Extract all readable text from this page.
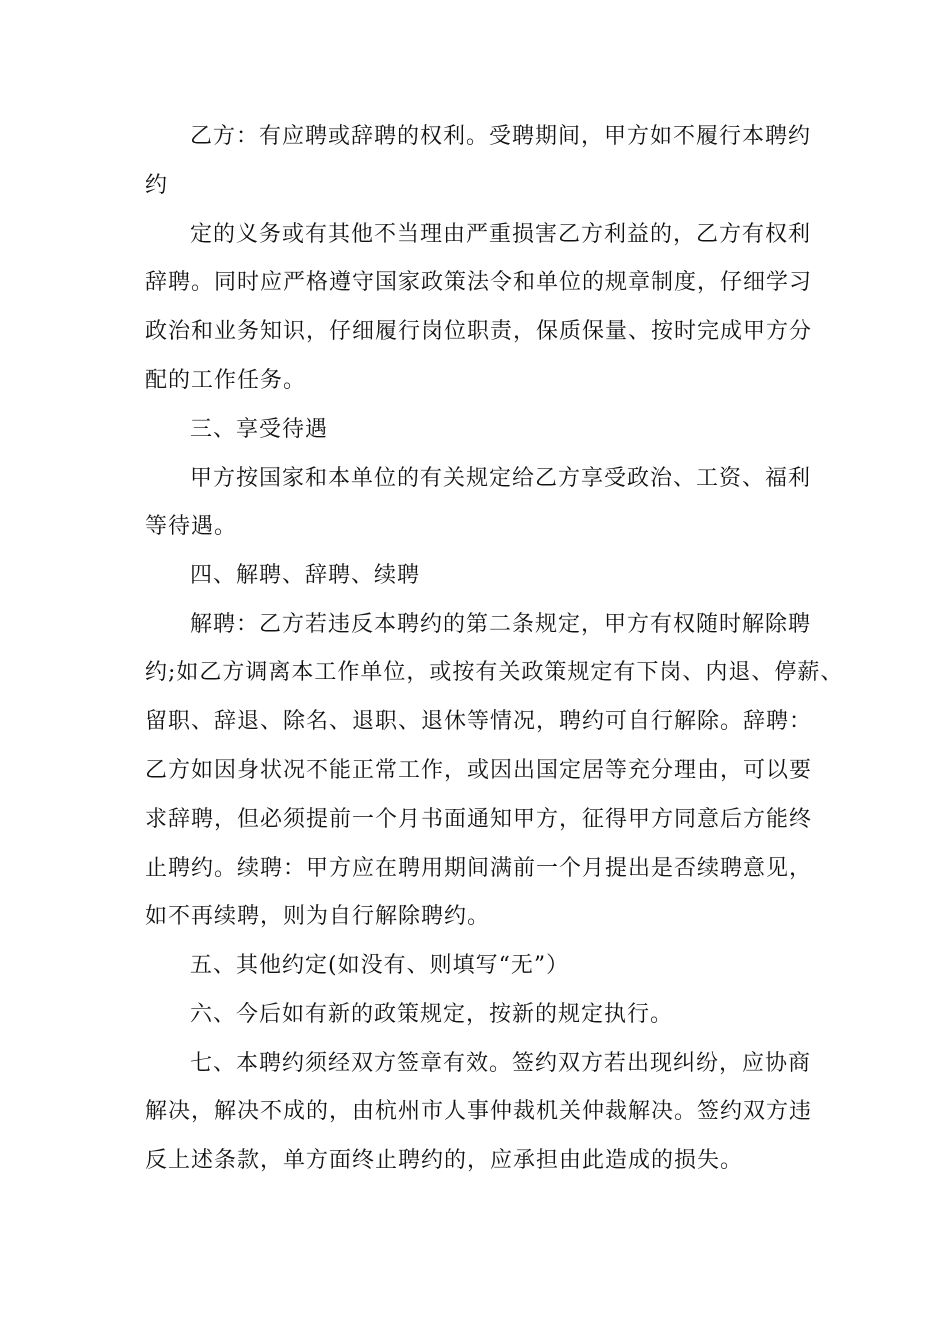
乙方：有应聘或辞聘的权利。受聘期间，甲方如不履行本聘约
约
定的义务或有其他不当理由严重损害乙方利益的，乙方有权利
辞聘。同时应严格遵守国家政策法令和单位的规章制度，仔细学习
政治和业务知识，仔细履行岗位职责，保质保量、按时完成甲方分
配的工作任务。
三、享受待遇
甲方按国家和本单位的有关规定给乙方享受政治、工资、福利
等待遇。
四、解聘、辞聘、续聘
解聘：乙方若违反本聘约的第二条规定，甲方有权随时解除聘
约;如乙方调离本工作单位，或按有关政策规定有下岗、内退、停薪、
留职、辞退、除名、退职、退休等情况，聘约可自行解除。辞聘：
乙方如因身状况不能正常工作，或因出国定居等充分理由，可以要
求辞聘，但必须提前一个月书面通知甲方，征得甲方同意后方能终
止聘约。续聘：甲方应在聘用期间满前一个月提出是否续聘意见，
如不再续聘，则为自行解除聘约。
五、其他约定(如没有、则填写“无”）
六、今后如有新的政策规定，按新的规定执行。
七、本聘约须经双方签章有效。签约双方若出现纠纷，应协商
解决，解决不成的，由杭州市人事仲裁机关仲裁解决。签约双方违
反上述条款，单方面终止聘约的，应承担由此造成的损失。
